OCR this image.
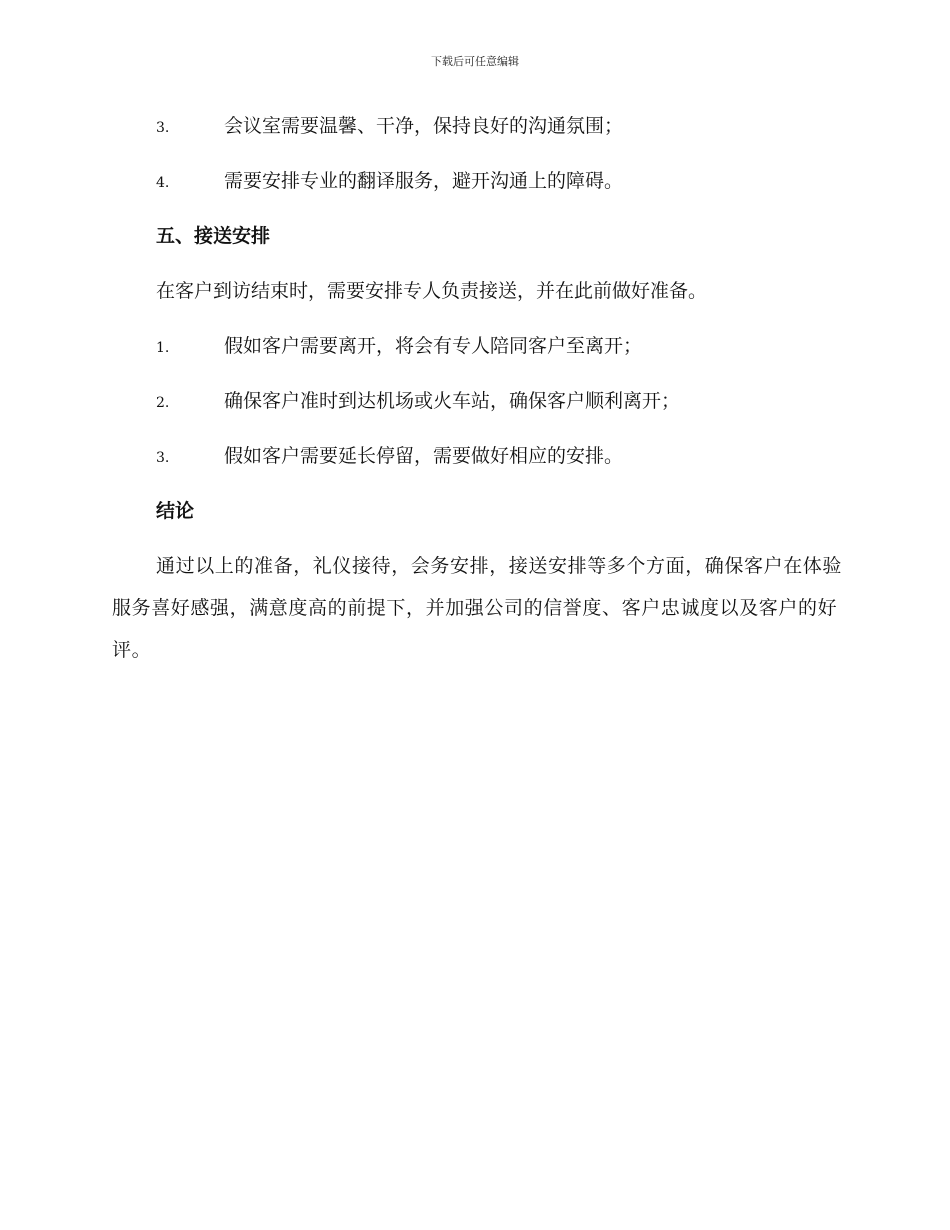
下载后可任意编辑
3.	会议室需要温馨、干净，保持良好的沟通氛围；
4.	需要安排专业的翻译服务，避开沟通上的障碍。
五、接送安排
在客户到访结束时，需要安排专人负责接送，并在此前做好准备。
1.	假如客户需要离开，将会有专人陪同客户至离开；
2.	确保客户准时到达机场或火车站，确保客户顺利离开；
3.	假如客户需要延长停留，需要做好相应的安排。
结论
通过以上的准备，礼仪接待，会务安排，接送安排等多个方面，确保客户在体验服务喜好感强，满意度高的前提下，并加强公司的信誉度、客户忠诚度以及客户的好评。
